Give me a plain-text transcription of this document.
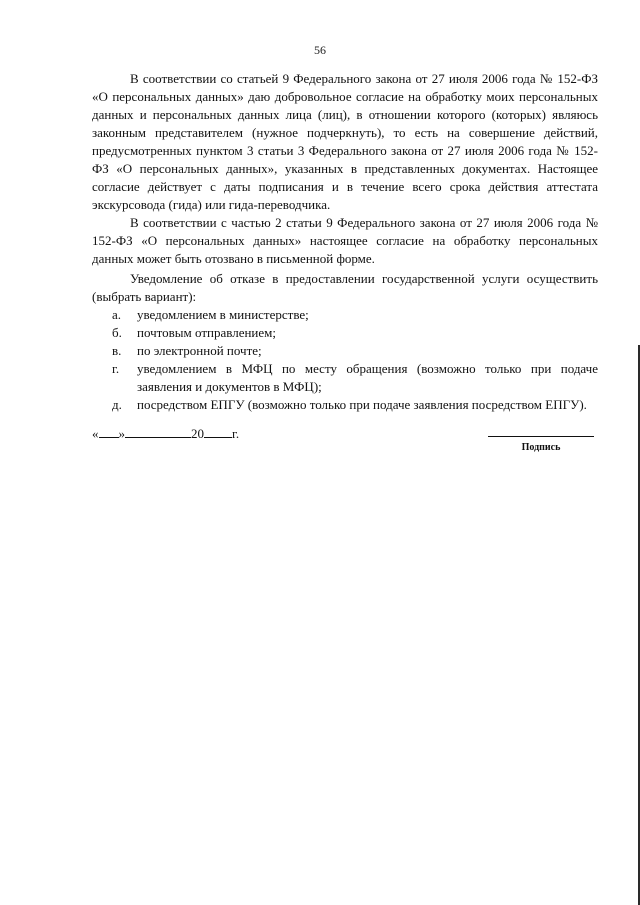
56

В соответствии со статьей 9 Федерального закона от 27 июля 2006 года № 152-ФЗ «О персональных данных» даю добровольное согласие на обработку моих персональных данных и персональных данных лица (лиц), в отношении которого (которых) являюсь законным представителем (нужное подчеркнуть), то есть на совершение действий, предусмотренных пунктом 3 статьи 3 Федерального закона от 27 июля 2006 года № 152-ФЗ «О персональных данных», указанных в представленных документах. Настоящее согласие действует с даты подписания и в течение всего срока действия аттестата экскурсовода (гида) или гида-переводчика.

В соответствии с частью 2 статьи 9 Федерального закона от 27 июля 2006 года № 152-ФЗ «О персональных данных» настоящее согласие на обработку персональных данных может быть отозвано в письменной форме.

Уведомление об отказе в предоставлении государственной услуги осуществить (выбрать вариант):

а.	уведомлением в министерстве;
б.	почтовым отправлением;
в.	по электронной почте;
г.	уведомлением в МФЦ по месту обращения (возможно только при подаче заявления и документов в МФЦ);
д.	посредством ЕПГУ (возможно только при подаче заявления посредством ЕПГУ).
« »	20 г.
Подпись
